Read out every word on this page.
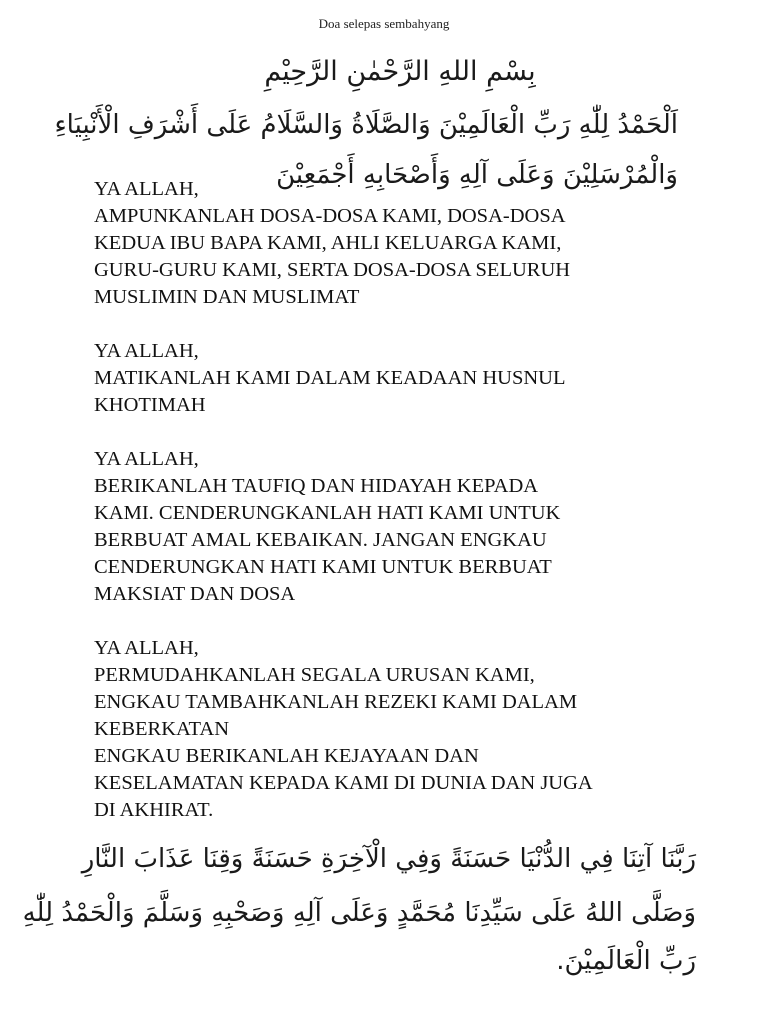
Doa selepas sembahyang
بِسْمِ اللهِ الرَّحْمٰنِ الرَّحِيْمِ
اَلْحَمْدُ لِلّٰهِ رَبِّ الْعَالَمِيْنَ وَالصَّلَاةُ وَالسَّلَامُ عَلَى أَشْرَفِ الْأَنْبِيَاءِ
وَالْمُرْسَلِيْنَ وَعَلَى آلِهِ وَأَصْحَابِهِ أَجْمَعِيْنَ
YA ALLAH,
AMPUNKANLAH DOSA-DOSA KAMI, DOSA-DOSA
KEDUA IBU BAPA KAMI, AHLI KELUARGA KAMI,
GURU-GURU KAMI, SERTA DOSA-DOSA SELURUH
MUSLIMIN DAN MUSLIMAT
YA ALLAH,
MATIKANLAH KAMI DALAM KEADAAN HUSNUL
KHOTIMAH
YA ALLAH,
BERIKANLAH TAUFIQ DAN HIDAYAH KEPADA
KAMI. CENDERUNGKANLAH HATI KAMI UNTUK
BERBUAT AMAL KEBAIKAN. JANGAN ENGKAU
CENDERUNGKAN HATI KAMI UNTUK BERBUAT
MAKSIAT DAN DOSA
YA ALLAH,
PERMUDAHKANLAH SEGALA URUSAN KAMI,
ENGKAU TAMBAHKANLAH REZEKI KAMI DALAM
KEBERKATAN
ENGKAU BERIKANLAH KEJAYAAN DAN
KESELAMATAN KEPADA KAMI DI DUNIA DAN JUGA
DI AKHIRAT.
رَبَّنَا آتِنَا فِي الدُّنْيَا حَسَنَةً وَفِي الْآخِرَةِ حَسَنَةً وَقِنَا عَذَابَ النَّارِ
وَصَلَّى اللهُ عَلَى سَيِّدِنَا مُحَمَّدٍ وَعَلَى آلِهِ وَصَحْبِهِ وَسَلَّمَ وَالْحَمْدُ لِلّٰهِ
رَبِّ الْعَالَمِيْنَ.
